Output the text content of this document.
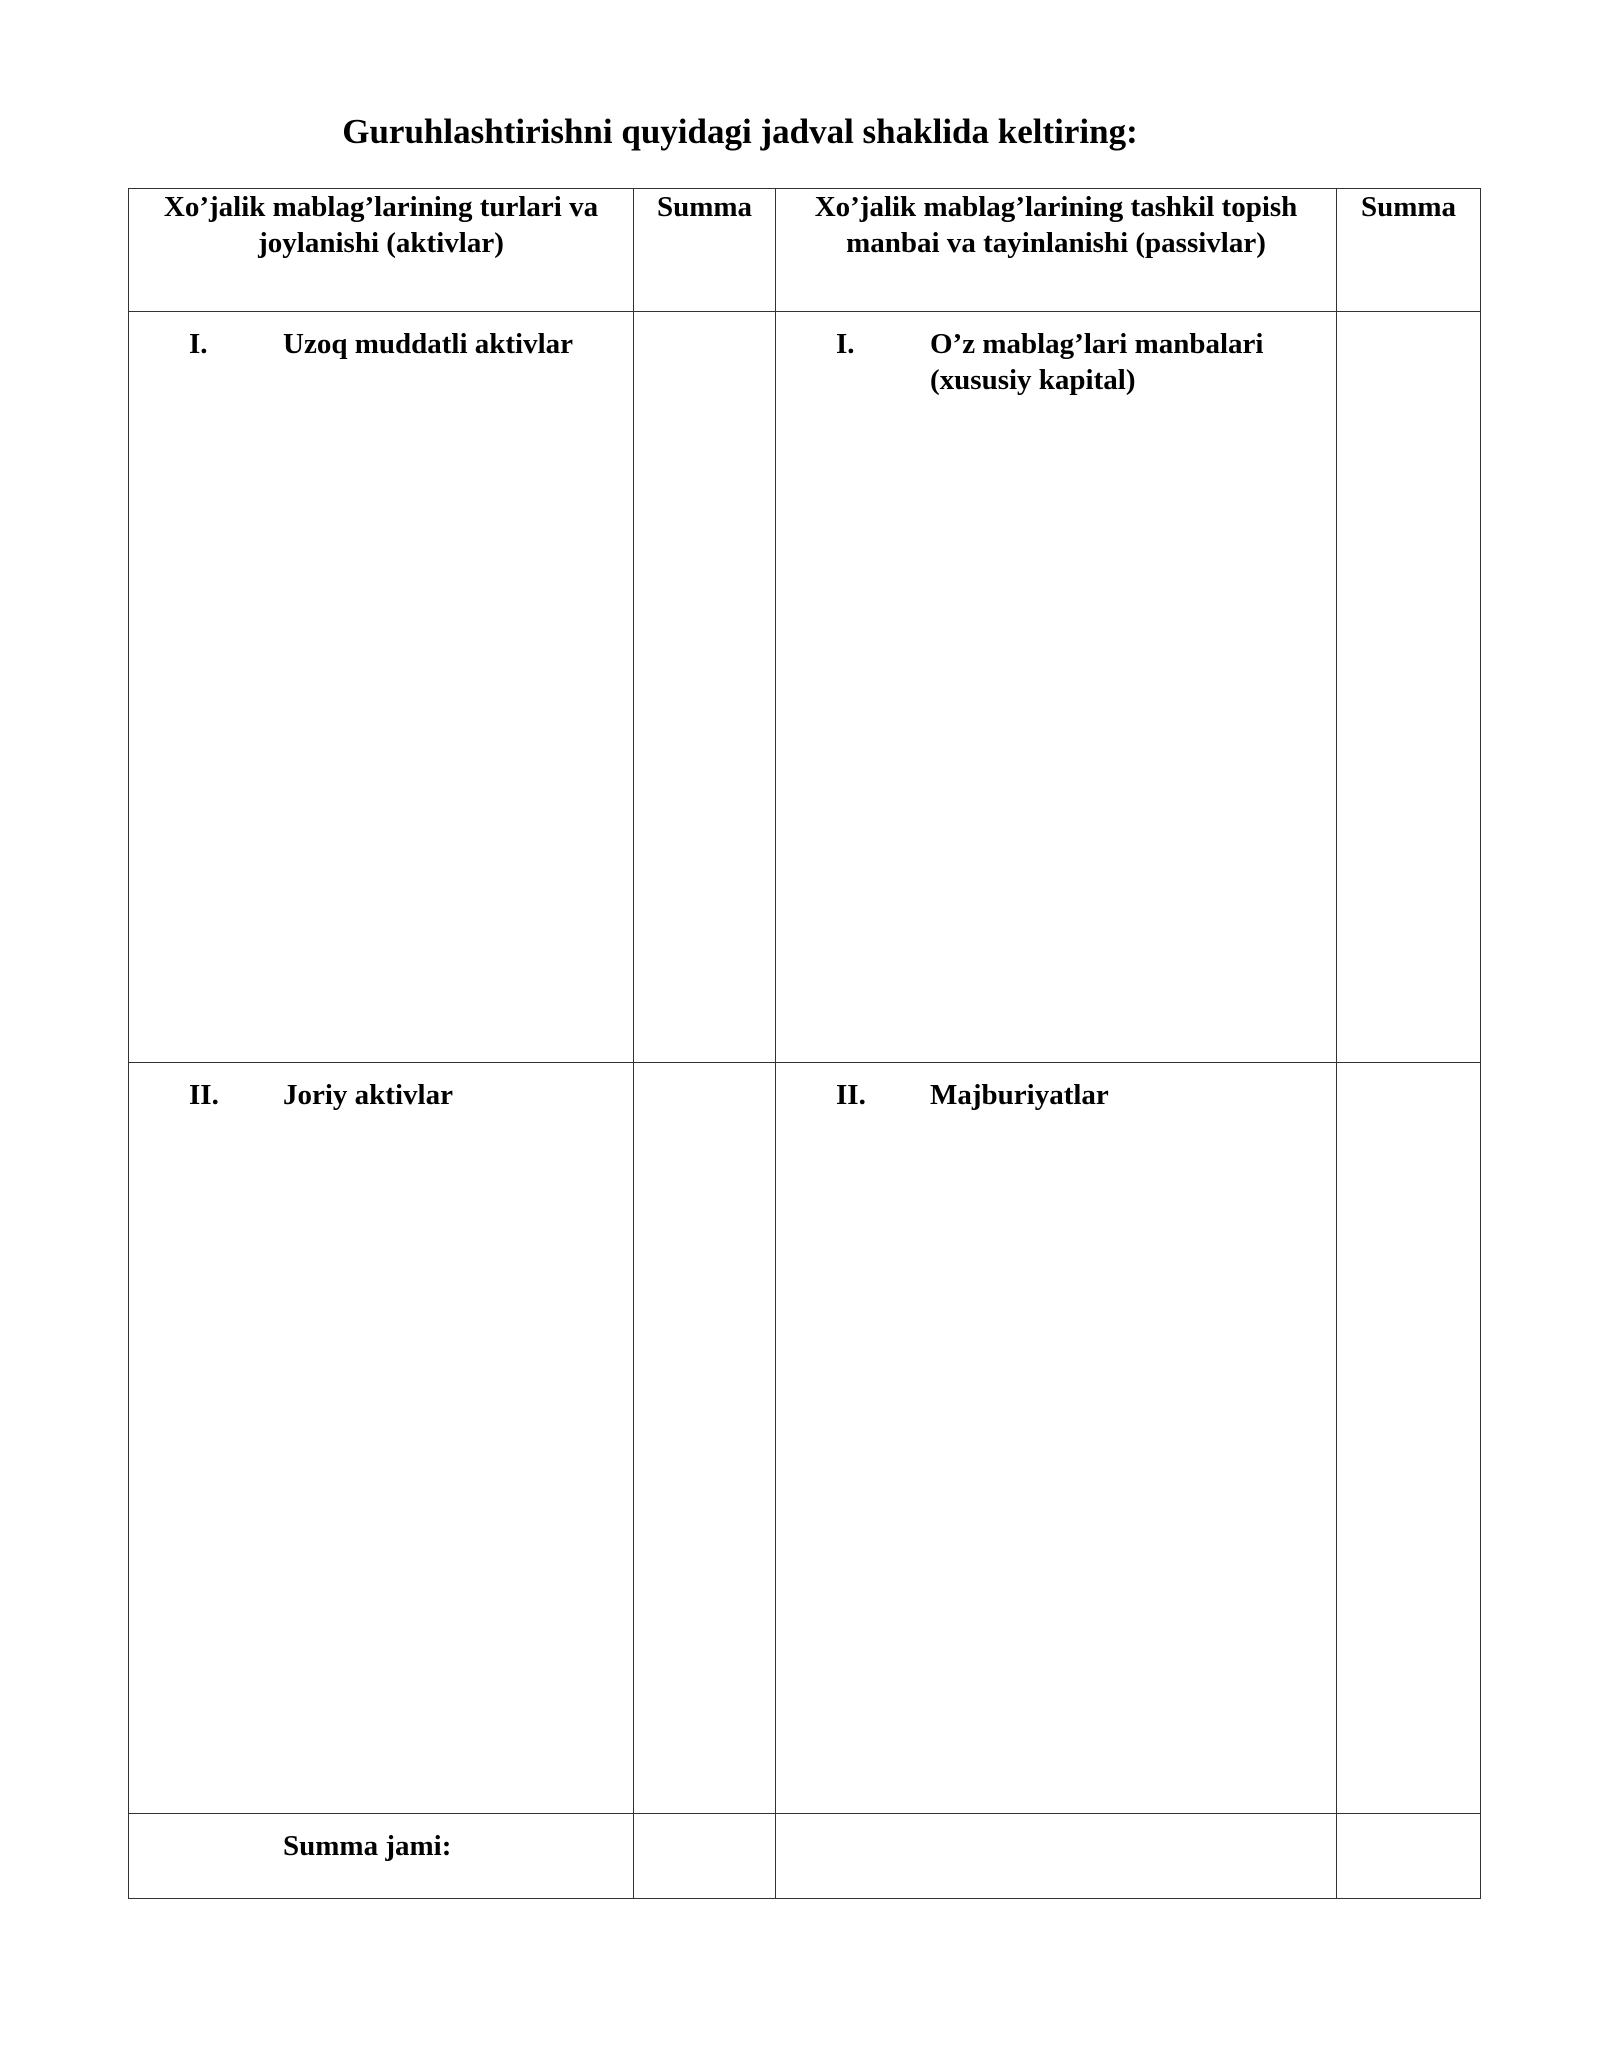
Guruhlashtirishni quyidagi jadval shaklida keltiring:
Xo’jalik mablag’larining turlari va joylanishi (aktivlar)	Summa	Xo’jalik mablag’larining tashkil topish manbai va tayinlanishi (passivlar)	Summa

I. Uzoq muddatli aktivlar		I. O’z mablag’lari manbalari (xususiy kapital)	

II. Joriy aktivlar		II. Majburiyatlar	

Summa jami:			
